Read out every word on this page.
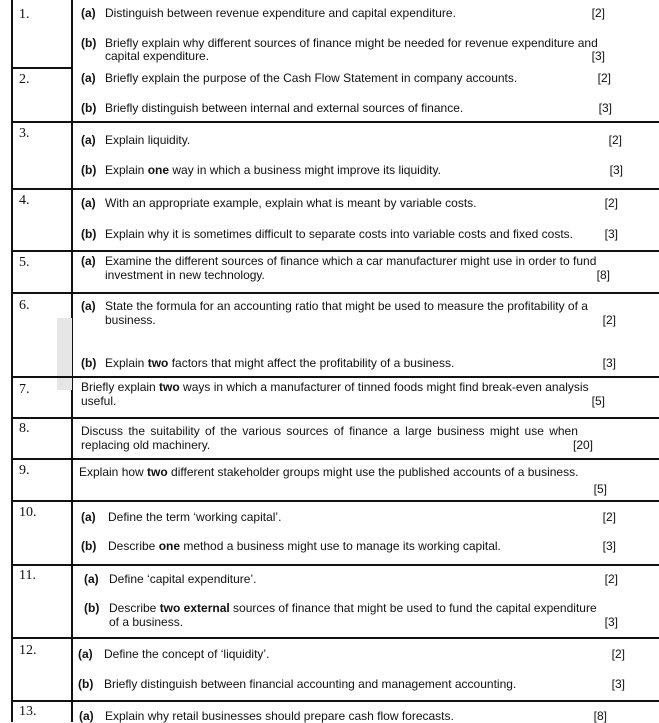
1.	(a) Distinguish between revenue expenditure and capital expenditure.	[2]
(b) Briefly explain why different sources of finance might be needed for revenue expenditure and
capital expenditure.	[3]
2.	(a) Briefly explain the purpose of the Cash Flow Statement in company accounts.	[2]
(b) Briefly distinguish between internal and external sources of finance.	[3]
3.	(a) Explain liquidity.	[2]
(b) Explain one way in which a business might improve its liquidity.	[3]
4.	(a) With an appropriate example, explain what is meant by variable costs.	[2]
(b) Explain why it is sometimes difficult to separate costs into variable costs and fixed costs.	[3]
5.	(a) Examine the different sources of finance which a car manufacturer might use in order to fund
investment in new technology.	[8]
6.	(a) State the formula for an accounting ratio that might be used to measure the profitability of a
business.	[2]
(b) Explain two factors that might affect the profitability of a business.	[3]
7.	Briefly explain two ways in which a manufacturer of tinned foods might find break-even analysis
useful.	[5]
8.	Discuss the suitability of the various sources of finance a large business might use when
replacing old machinery.	[20]
9.	Explain how two different stakeholder groups might use the published accounts of a business.
[5]
10.	(a) Define the term ‘working capital’.	[2]
(b) Describe one method a business might use to manage its working capital.	[3]
11.	(a) Define ‘capital expenditure’.	[2]
(b) Describe two external sources of finance that might be used to fund the capital expenditure
of a business.	[3]
12.	(a) Define the concept of ‘liquidity’.	[2]
(b) Briefly distinguish between financial accounting and management accounting.	[3]
13.	(a) Explain why retail businesses should prepare cash flow forecasts.	[8]
